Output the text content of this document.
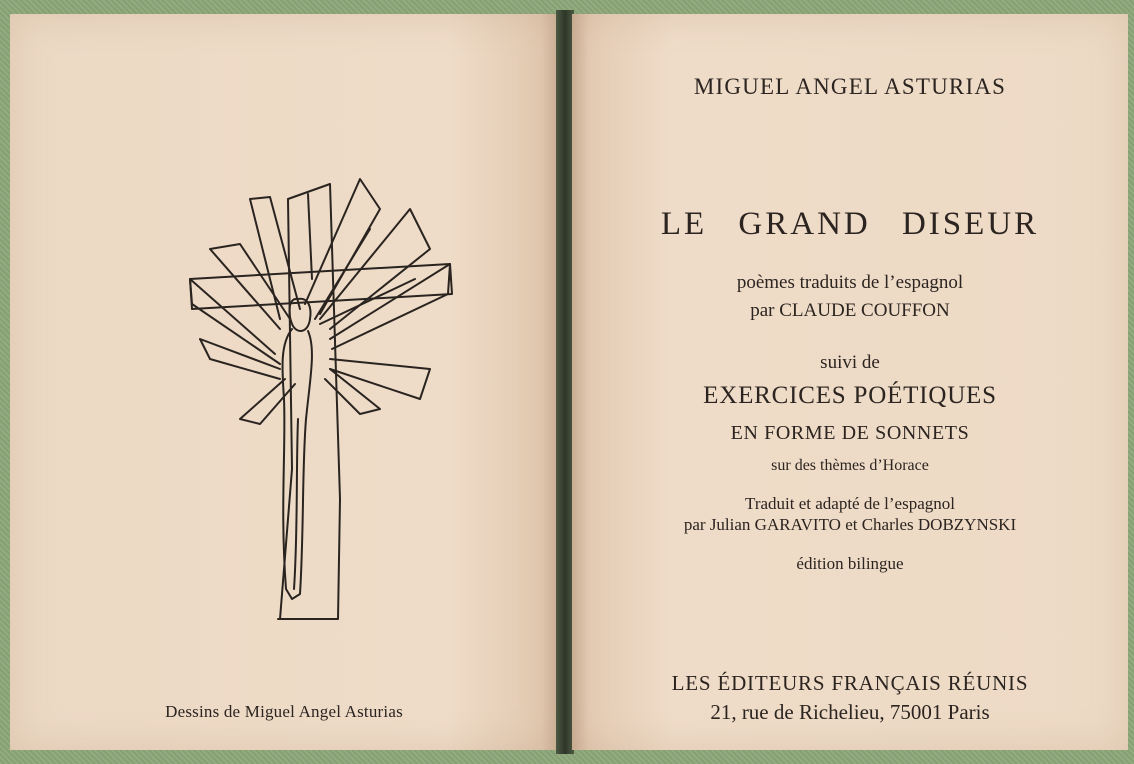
Dessins de Miguel Angel Asturias
MIGUEL ANGEL ASTURIAS
LE GRAND DISEUR
poèmes traduits de l’espagnol
par CLAUDE COUFFON
suivi de
EXERCICES POÉTIQUES
EN FORME DE SONNETS
sur des thèmes d’Horace
Traduit et adapté de l’espagnol
par Julian GARAVITO et Charles DOBZYNSKI
édition bilingue
LES ÉDITEURS FRANÇAIS RÉUNIS
21, rue de Richelieu, 75001 Paris
